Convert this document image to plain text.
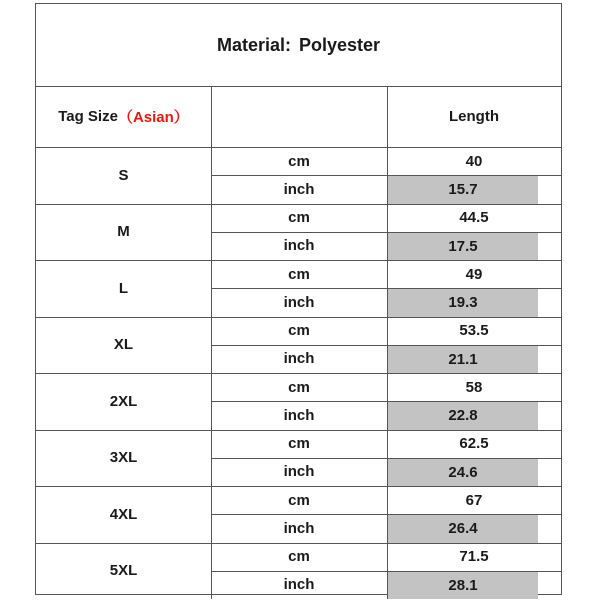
Material: Polyester
Tag Size （Asian）	Length
S
cm	40
inch	15.7
M
cm	44.5
inch	17.5
L
cm	49
inch	19.3
XL
cm	53.5
inch	21.1
2XL
cm	58
inch	22.8
3XL
cm	62.5
inch	24.6
4XL
cm	67
inch	26.4
5XL
cm	71.5
inch	28.1
